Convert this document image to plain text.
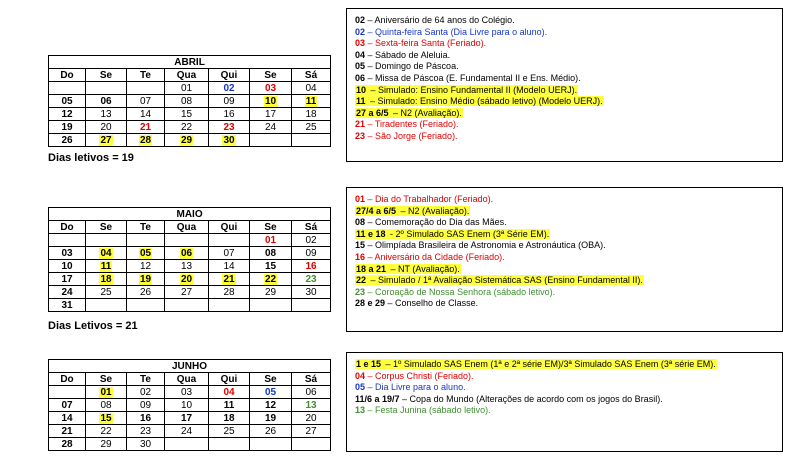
ABRIL						
Do	Se	Te	Qua	Qui	Se	Sá
			01	02	03	04
05	06	07	08	09	10	11
12	13	14	15	16	17	18
19	20	21	22	23	24	25
26	27	28	29	30		
Dias letivos = 19
02 – Aniversário de 64 anos do Colégio.
02 – Quinta-feira Santa (Dia Livre para o aluno).
03 – Sexta-feira Santa (Feriado).
04 – Sábado de Aleluia.
05 – Domingo de Páscoa.
06 – Missa de Páscoa (E. Fundamental II e Ens. Médio).
10 – Simulado: Ensino Fundamental II (Modelo UERJ).
11 – Simulado: Ensino Médio (sábado letivo) (Modelo UERJ).
27 a 6/5 – N2 (Avaliação).
21 – Tiradentes (Feriado).
23 – São Jorge (Feriado).
MAIO						
Do	Se	Te	Qua	Qui	Se	Sá
					01	02
03	04	05	06	07	08	09
10	11	12	13	14	15	16
17	18	19	20	21	22	23
24	25	26	27	28	29	30
31						
Dias Letivos = 21
01 – Dia do Trabalhador (Feriado).
27/4 a 6/5 – N2 (Avaliação).
08 – Comemoração do Dia das Mães.
11 e 18 - 2º Simulado SAS Enem (3ª Série EM).
15 – Olimpíada Brasileira de Astronomia e Astronáutica (OBA).
16 – Aniversário da Cidade (Feriado).
18 a 21 – NT (Avaliação).
22 – Simulado / 1ª Avaliação Sistemática SAS (Ensino Fundamental II).
23 – Coroação de Nossa Senhora (sábado letivo).
28 e 29 – Conselho de Classe.
JUNHO						
Do	Se	Te	Qua	Qui	Se	Sá
	01	02	03	04	05	06
07	08	09	10	11	12	13
14	15	16	17	18	19	20
21	22	23	24	25	26	27
28	29	30				
1 e 15 – 1º Simulado SAS Enem (1ª e 2ª série EM)/3ª Simulado SAS Enem (3ª série EM).
04 – Corpus Christi (Feriado).
05 – Dia Livre para o aluno.
11/6 a 19/7 – Copa do Mundo (Alterações de acordo com os jogos do Brasil).
13 – Festa Junina (sábado letivo).
